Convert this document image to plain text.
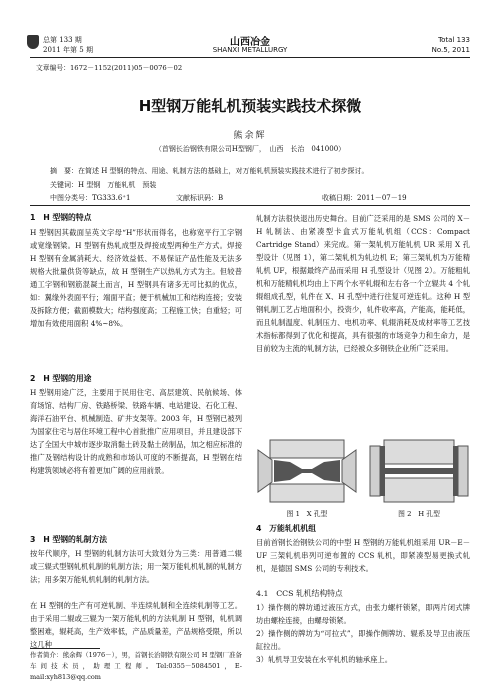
总第 133 期
2011 年第 5 期
山西冶金
SHANXI METALLURGY
Total 133
No.5, 2011
文章编号：1672－1152(2011)05－0076－02
H型钢万能轧机预装实践技术探微
熊余辉
（首钢长治钢铁有限公司H型钢厂，　山西　长治　041000）
摘　要：在简述 H 型钢的特点、用途、轧制方法的基础上，对万能轧机预装实践技术进行了初步探讨。
关键词：H 型钢　万能轧机　预装
中图分类号：TG333.6⁺1	文献标识码：B	收稿日期：2011－07－19

1　H 型钢的特点

H 型钢因其截面呈英文字母“H”形状而得名，也称宽平行工字钢或宽缘钢梁。H 型钢有热轧成型及焊接成型两种生产方式。焊接 H 型钢有金属消耗大、经济效益低、不易保证产品性能及无法多规格大批量供货等缺点，故 H 型钢生产以热轧方式为主。但较普通工字钢和钢筋混凝土而言，H 型钢具有诸多无可比拟的优点，如：翼缘外表面平行；端面平直；便于机械加工和结构连接；安装及拆除方便；截面模数大；结构强度高；工程施工快；自重轻；可增加有效使用面积 4%~8%。

2　H 型钢的用途

H 型钢用途广泛，主要用于民用住宅、高层建筑、民航候场、体育场馆、结构厂房、铁路桥梁、铁路车辆、电站建设、石化工程、海洋石油平台、机械制造、矿井支架等。2003 年，H 型钢已被列为国家住宅与居住环境工程中心首批推广应用项目，并且建设部下达了全国大中城市逐步取消黏土砖及黏土砖制品，加之相应标准的推广及钢结构设计的成熟和市场认可度的不断提高，H 型钢在结构建筑领域必将有着更加广阔的应用前景。

3　H 型钢的轧制方法

按年代顺序，H 型钢的轧制方法可大致划分为三类：用普通二辊或三辊式型钢轧机轧制的轧制方法；用一架万能轧机轧制的轧制方法；用多架万能轧机轧制的轧制方法。

在 H 型钢的生产有可逆轧制、半连续轧制和全连续轧制等工艺。由于采用二辊或三辊为一架万能轧机的方法轧制 H 型钢，轧机调整困难，辊耗高，生产效率低，产品质量差，产品规格受限，所以这几种

作者简介：熊余辉（1976－），男，首钢长治钢铁有限公司 H 型钢厂准备车间技术员，助理工程师。Tel:0355－5084501，E-mail:xyh813@qq.com

轧制方法很快退出历史舞台。目前广泛采用的是 SMS 公司的 X－H 轧制法、由紧凑型卡盒式万能轧机组（CCS：Compact Cartridge Stand）来完成。第一架轧机万能轧机 UR 采用 X 孔型设计（见图 1），第二架轧机为轧边机 E；第三架轧机为万能精轧机 UF，根据最终产品而采用 H 孔型设计（见图 2）。万能粗轧机和万能精轧机均由上下两个水平轧辊和左右各一个立辊共 4 个轧辊组成孔型，轧件在 X、H 孔型中进行往复可逆连轧。这种 H 型钢轧制工艺占地面积小，投资少，轧件收率高，产能高，能耗低，而且轧制温度、轧制压力、电机功率、轧辊消耗及成材率等工艺技术指标都得到了优化和提高，具有很强的市场竞争力和生命力，是目前较为主流的轧制方法，已经被众多钢铁企业所广泛采用。

图 1　X 孔型	图 2　H 孔型

4　万能轧机机组

目前首钢长治钢铁公司的中型 H 型钢的万能轧机组采用 UR－E－UF 三架轧机串列可逆布置的 CCS 轧机，即紧凑型易更换式轧机，是德国 SMS 公司的专利技术。

4.1　CCS 轧机结构特点

1）操作侧的牌坊通过液压方式，由张力螺杆锁紧，即两片闭式牌坊由螺栓连接，由螺母锁紧。

2）操作侧的牌坊为“可拉式”，即操作侧牌坊、辊系及导卫由液压缸拉出。

3）轧机导卫安装在水平轧机的轴承座上。
